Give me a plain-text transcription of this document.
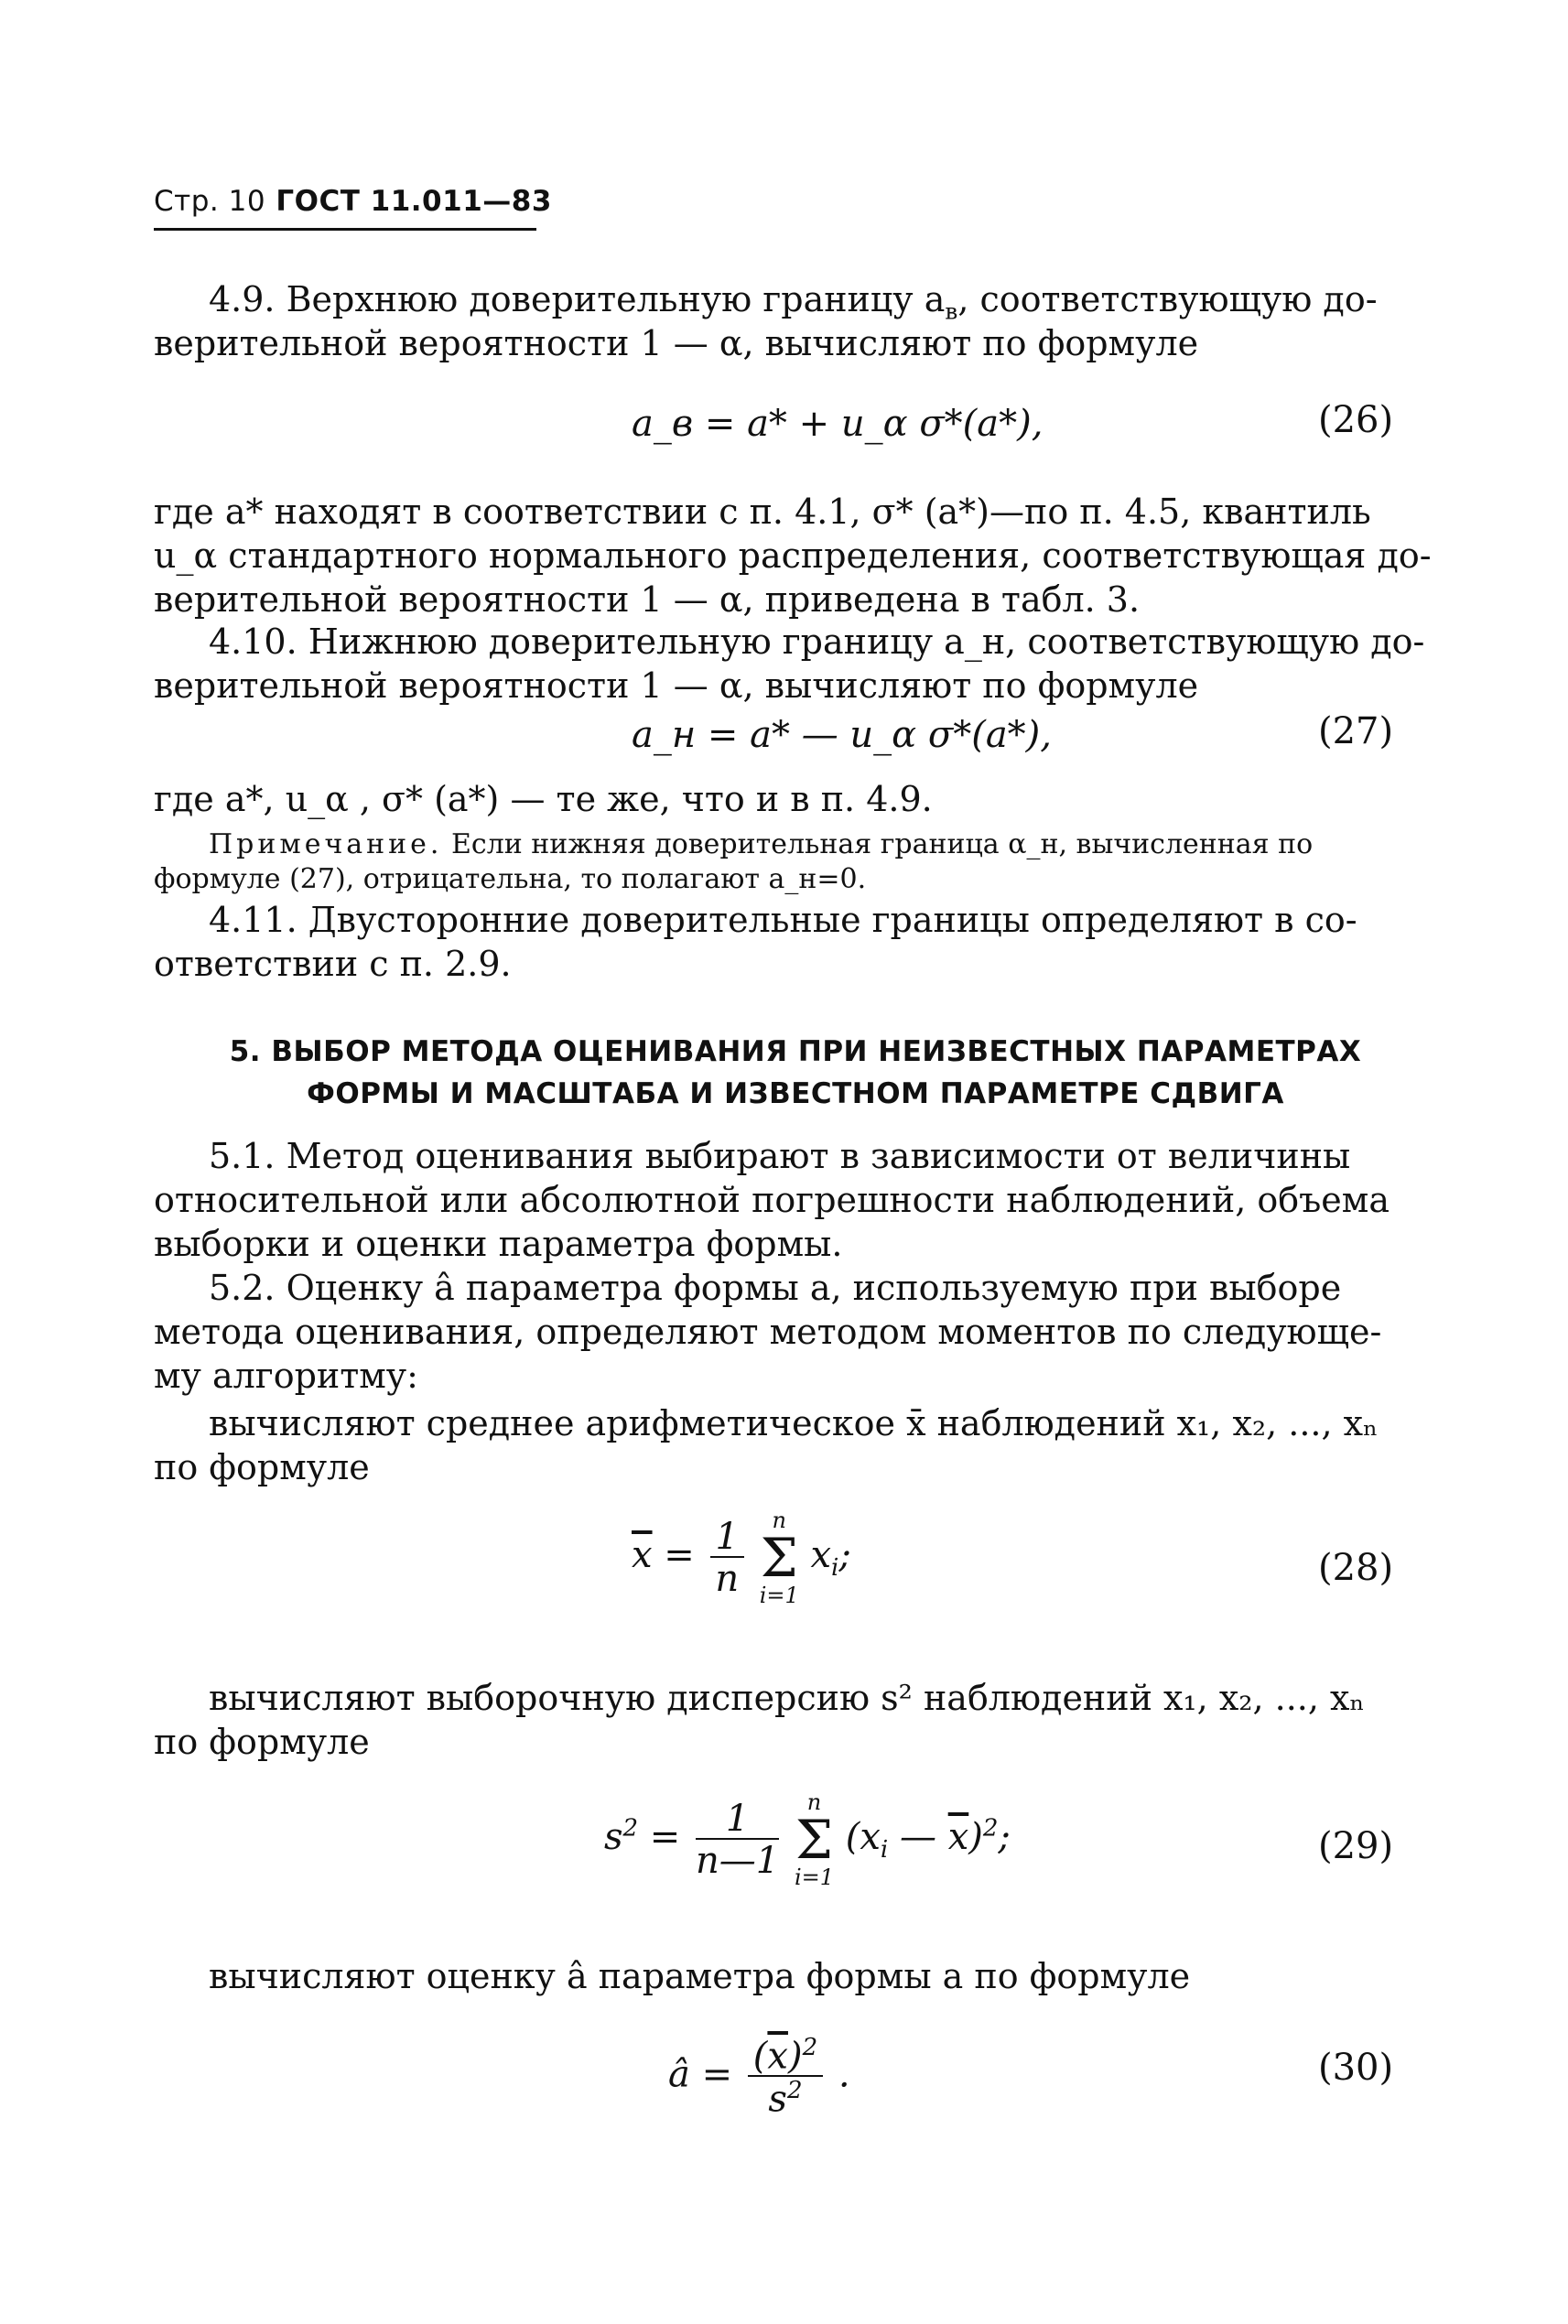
Стр. 10 ГОСТ 11.011—83
4.9. Верхнюю доверительную границу $a_в$, соответствующую до-
верительной вероятности 1 — α, вычисляют по формуле
a_в = a* + u_α σ*(a*),	(26)
где a* находят в соответствии с п. 4.1, σ* (a*)—по п. 4.5, квантиль
u_α стандартного нормального распределения, соответствующая до-
верительной вероятности 1 — α, приведена в табл. 3.
4.10. Нижнюю доверительную границу a_н, соответствующую до-
верительной вероятности 1 — α, вычисляют по формуле
a_н = a* — u_α σ*(a*),	(27)
где a*, u_α , σ* (a*) — те же, что и в п. 4.9.
Примечание. Если нижняя доверительная граница α_н, вычисленная по
формуле (27), отрицательна, то полагают a_н=0.
4.11. Двусторонние доверительные границы определяют в со-
ответствии с п. 2.9.
5. ВЫБОР МЕТОДА ОЦЕНИВАНИЯ ПРИ НЕИЗВЕСТНЫХ ПАРАМЕТРАХ
ФОРМЫ И МАСШТАБА И ИЗВЕСТНОМ ПАРАМЕТРЕ СДВИГА
5.1. Метод оценивания выбирают в зависимости от величины
относительной или абсолютной погрешности наблюдений, объема
выборки и оценки параметра формы.
5.2. Оценку â параметра формы a, используемую при выборе
метода оценивания, определяют методом моментов по следующе-
му алгоритму:
вычисляют среднее арифметическое x̄ наблюдений x₁, x₂, ..., xₙ
по формуле
$\overline{x} = \frac{1}{n}$
	n
Σ
i=1
$x_i$;	(28)
вычисляют выборочную дисперсию s² наблюдений x₁, x₂, ..., xₙ
по формуле
$s^2 = \frac{1}{n—1}$
	n
Σ
i=1
($x_i$ — $\overline{x})^2$;	(29)
вычисляют оценку â параметра формы a по формуле
â = $\frac{(\overline{x})^2}{s^2}$ .	(30)
